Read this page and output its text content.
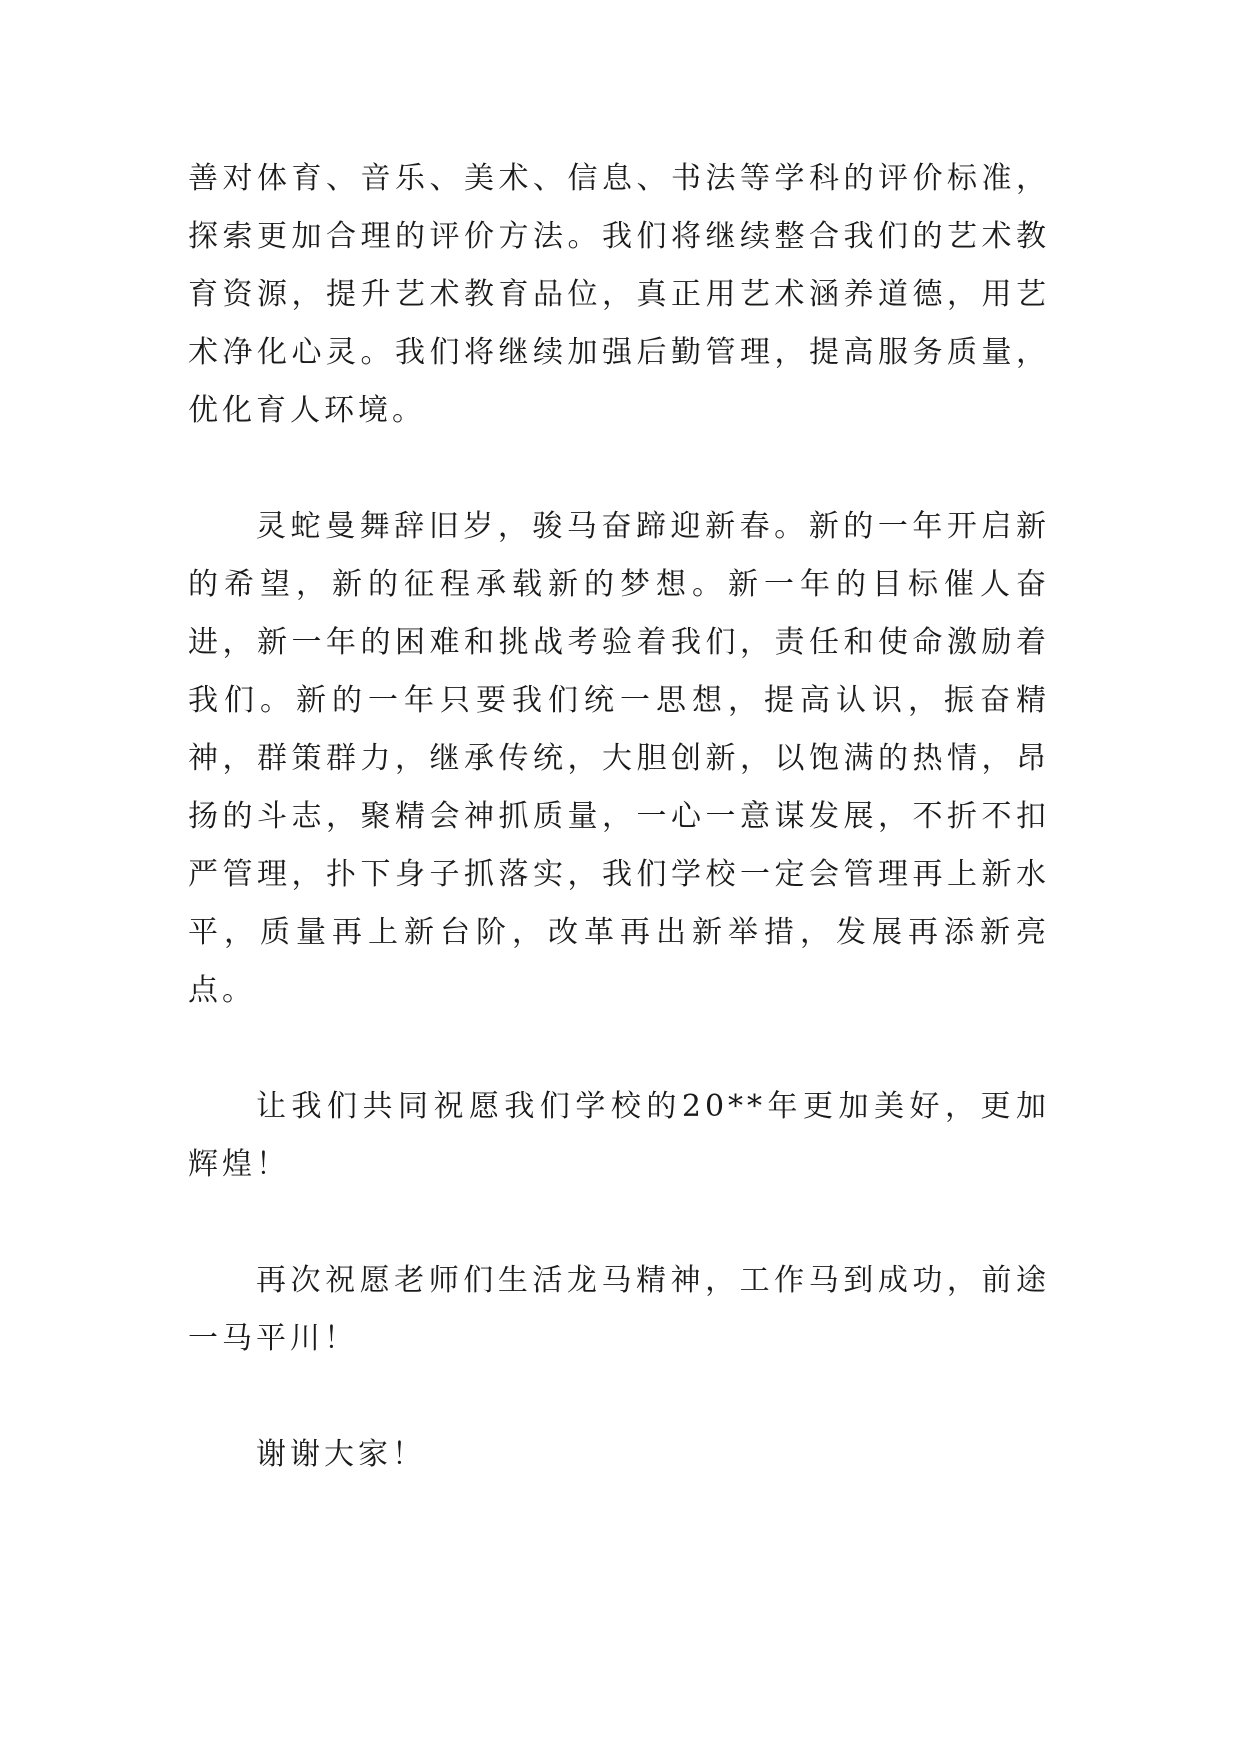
善对体育、音乐、美术、信息、书法等学科的评价标准，探索更加合理的评价方法。我们将继续整合我们的艺术教育资源，提升艺术教育品位，真正用艺术涵养道德，用艺术净化心灵。我们将继续加强后勤管理，提高服务质量，优化育人环境。

灵蛇曼舞辞旧岁，骏马奋蹄迎新春。新的一年开启新的希望，新的征程承载新的梦想。新一年的目标催人奋进，新一年的困难和挑战考验着我们，责任和使命激励着我们。新的一年只要我们统一思想，提高认识，振奋精神，群策群力，继承传统，大胆创新，以饱满的热情，昂扬的斗志，聚精会神抓质量，一心一意谋发展，不折不扣严管理，扑下身子抓落实，我们学校一定会管理再上新水平，质量再上新台阶，改革再出新举措，发展再添新亮点。

让我们共同祝愿我们学校的20**年更加美好，更加辉煌！

再次祝愿老师们生活龙马精神，工作马到成功，前途一马平川！

谢谢大家！
